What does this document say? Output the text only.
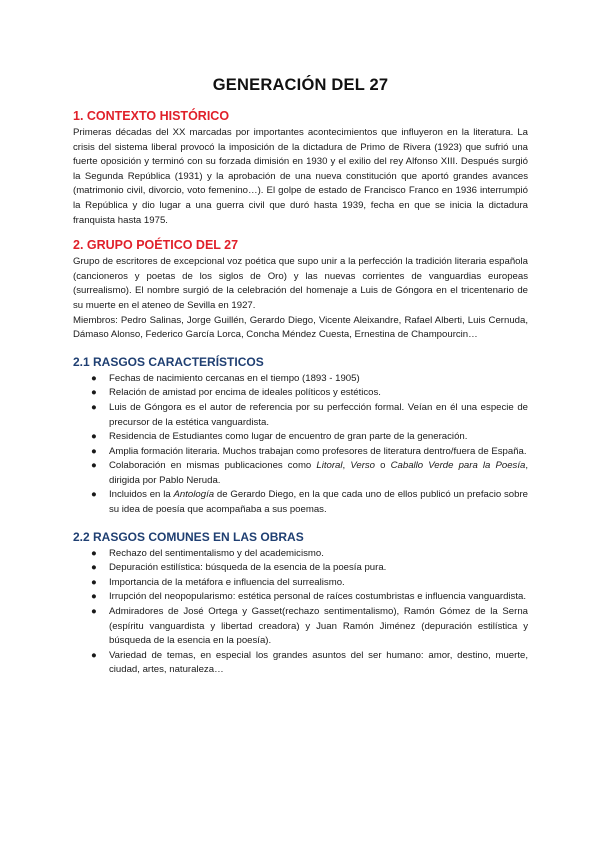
GENERACIÓN DEL 27
1. CONTEXTO HISTÓRICO

Primeras décadas del XX marcadas por importantes acontecimientos que influyeron en la literatura. La crisis del sistema liberal provocó la imposición de la dictadura de Primo de Rivera (1923) que sufrió una fuerte oposición y terminó con su forzada dimisión en 1930 y el exilio del rey Alfonso XIII. Después surgió la Segunda República (1931) y la aprobación de una nueva constitución que aportó grandes avances (matrimonio civil, divorcio, voto femenino…). El golpe de estado de Francisco Franco en 1936 interrumpió la República y dio lugar a una guerra civil que duró hasta 1939, fecha en que se inicia la dictadura franquista hasta 1975.

2. GRUPO POÉTICO DEL 27

Grupo de escritores de excepcional voz poética que supo unir a la perfección la tradición literaria española (cancioneros y poetas de los siglos de Oro) y las nuevas corrientes de vanguardias europeas (surrealismo). El nombre surgió de la celebración del homenaje a Luis de Góngora en el tricentenario de su muerte en el ateneo de Sevilla en 1927.

Miembros: Pedro Salinas, Jorge Guillén, Gerardo Diego, Vicente Aleixandre, Rafael Alberti, Luis Cernuda, Dámaso Alonso, Federico García Lorca, Concha Méndez Cuesta, Ernestina de Champourcin…

2.1 RASGOS CARACTERÍSTICOS
● Fechas de nacimiento cercanas en el tiempo (1893 - 1905)
● Relación de amistad por encima de ideales políticos y estéticos.
● Luis de Góngora es el autor de referencia por su perfección formal. Veían en él una especie de precursor de la estética vanguardista.
● Residencia de Estudiantes como lugar de encuentro de gran parte de la generación.
● Amplia formación literaria. Muchos trabajan como profesores de literatura dentro/fuera de España.
● Colaboración en mismas publicaciones como Litoral, Verso o Caballo Verde para la Poesía, dirigida por Pablo Neruda.
● Incluidos en la Antología de Gerardo Diego, en la que cada uno de ellos publicó un prefacio sobre su idea de poesía que acompañaba a sus poemas.
2.2 RASGOS COMUNES EN LAS OBRAS
● Rechazo del sentimentalismo y del academicismo.
● Depuración estilística: búsqueda de la esencia de la poesía pura.
● Importancia de la metáfora e influencia del surrealismo.
● Irrupción del neopopularismo: estética personal de raíces costumbristas e influencia vanguardista.
● Admiradores de José Ortega y Gasset(rechazo sentimentalismo), Ramón Gómez de la Serna (espíritu vanguardista y libertad creadora) y Juan Ramón Jiménez (depuración estilística y búsqueda de la esencia en la poesía).
● Variedad de temas, en especial los grandes asuntos del ser humano: amor, destino, muerte, ciudad, artes, naturaleza…
